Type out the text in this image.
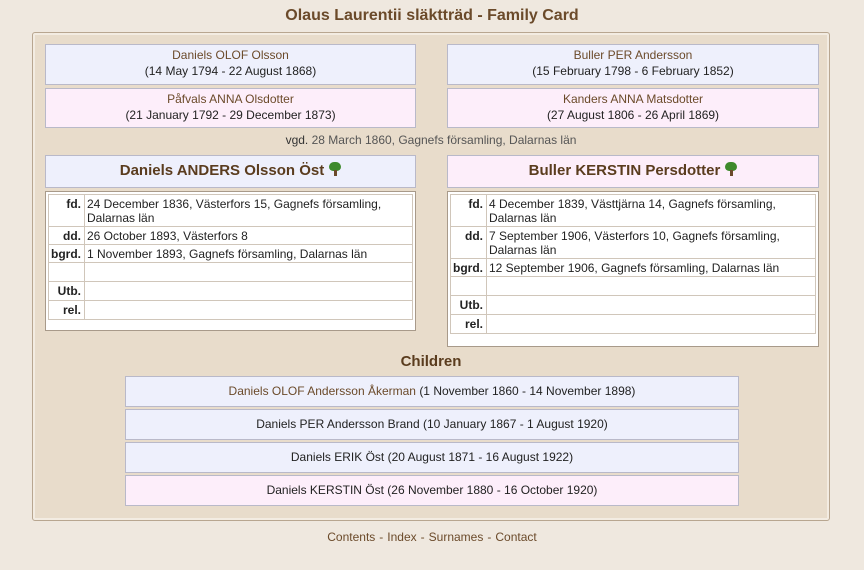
Olaus Laurentii släktträd - Family Card
Daniels OLOF Olsson
(14 May 1794 - 22 August 1868)
Påfvals ANNA Olsdotter
(21 January 1792 - 29 December 1873)
Buller PER Andersson
(15 February 1798 - 6 February 1852)
Kanders ANNA Matsdotter
(27 August 1806 - 26 April 1869)
vgd. 28 March 1860, Gagnefs församling, Dalarnas län
Daniels ANDERS Olsson Öst	Buller KERSTIN Persdotter
fd.	24 December 1836, Västerfors 15, Gagnefs församling, Dalarnas län
dd.	26 October 1893, Västerfors 8
bgrd.	1 November 1893, Gagnefs församling, Dalarnas län

Utb.	
rel.	
fd.	4 December 1839, Västtjärna 14, Gagnefs församling, Dalarnas län
dd.	7 September 1906, Västerfors 10, Gagnefs församling, Dalarnas län
bgrd.	12 September 1906, Gagnefs församling, Dalarnas län

Utb.	
rel.	
Children
Daniels OLOF Andersson Åkerman (1 November 1860 - 14 November 1898)
Daniels PER Andersson Brand (10 January 1867 - 1 August 1920)
Daniels ERIK Öst (20 August 1871 - 16 August 1922)
Daniels KERSTIN Öst (26 November 1880 - 16 October 1920)
Contents - Index - Surnames - Contact
